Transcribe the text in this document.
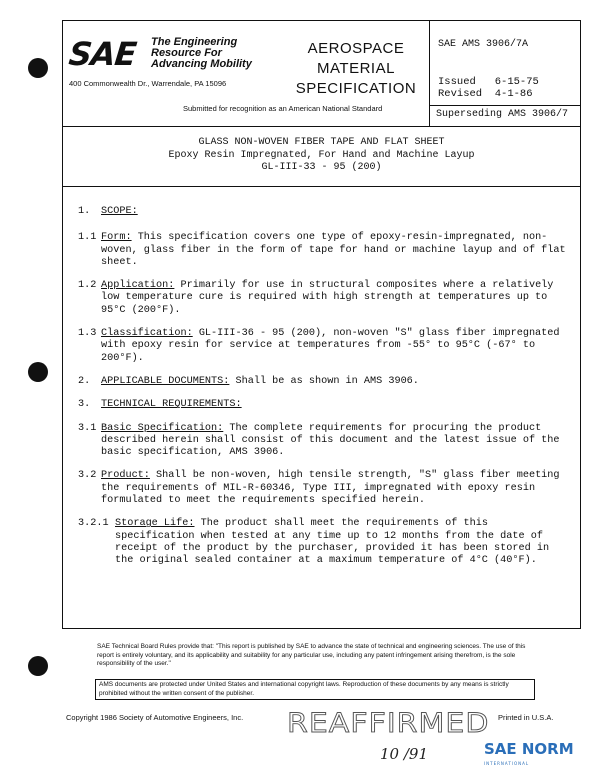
SAE The Engineering
Resource For
Advancing Mobility
400 Commonwealth Dr., Warrendale, PA 15096
AEROSPACE
MATERIAL
SPECIFICATION
Submitted for recognition as an American National Standard
SAE AMS 3906/7A
Issued 6-15-75
Revised 4-1-86
Superseding AMS 3906/7
GLASS NON-WOVEN FIBER TAPE AND FLAT SHEET
Epoxy Resin Impregnated, For Hand and Machine Layup
GL-III-33 - 95 (200)
1. SCOPE:
1.1 Form: This specification covers one type of epoxy-resin-impregnated, non-woven, glass fiber in the form of tape for hand or machine layup and of flat sheet.
1.2 Application: Primarily for use in structural composites where a relatively low temperature cure is required with high strength at temperatures up to 95°C (200°F).
1.3 Classification: GL-III-36 - 95 (200), non-woven "S" glass fiber impregnated with epoxy resin for service at temperatures from -55° to 95°C (-67° to 200°F).
2. APPLICABLE DOCUMENTS: Shall be as shown in AMS 3906.
3. TECHNICAL REQUIREMENTS:
3.1 Basic Specification: The complete requirements for procuring the product described herein shall consist of this document and the latest issue of the basic specification, AMS 3906.
3.2 Product: Shall be non-woven, high tensile strength, "S" glass fiber meeting the requirements of MIL-R-60346, Type III, impregnated with epoxy resin formulated to meet the requirements specified herein.
3.2.1 Storage Life: The product shall meet the requirements of this specification when tested at any time up to 12 months from the date of receipt of the product by the purchaser, provided it has been stored in the original sealed container at a maximum temperature of 4°C (40°F).
SAE Technical Board Rules provide that: "This report is published by SAE to advance the state of technical and engineering sciences. The use of this report is entirely voluntary, and its applicability and suitability for any particular use, including any patent infringement arising therefrom, is the sole responsibility of the user."
AMS documents are protected under United States and international copyright laws. Reproduction of these documents by any means is strictly prohibited without the written consent of the publisher.
Copyright 1986 Society of Automotive Engineers, Inc.	Printed in U.S.A.
REAFFIRMED
10 /91	SAE NORM
INTERNATIONAL
